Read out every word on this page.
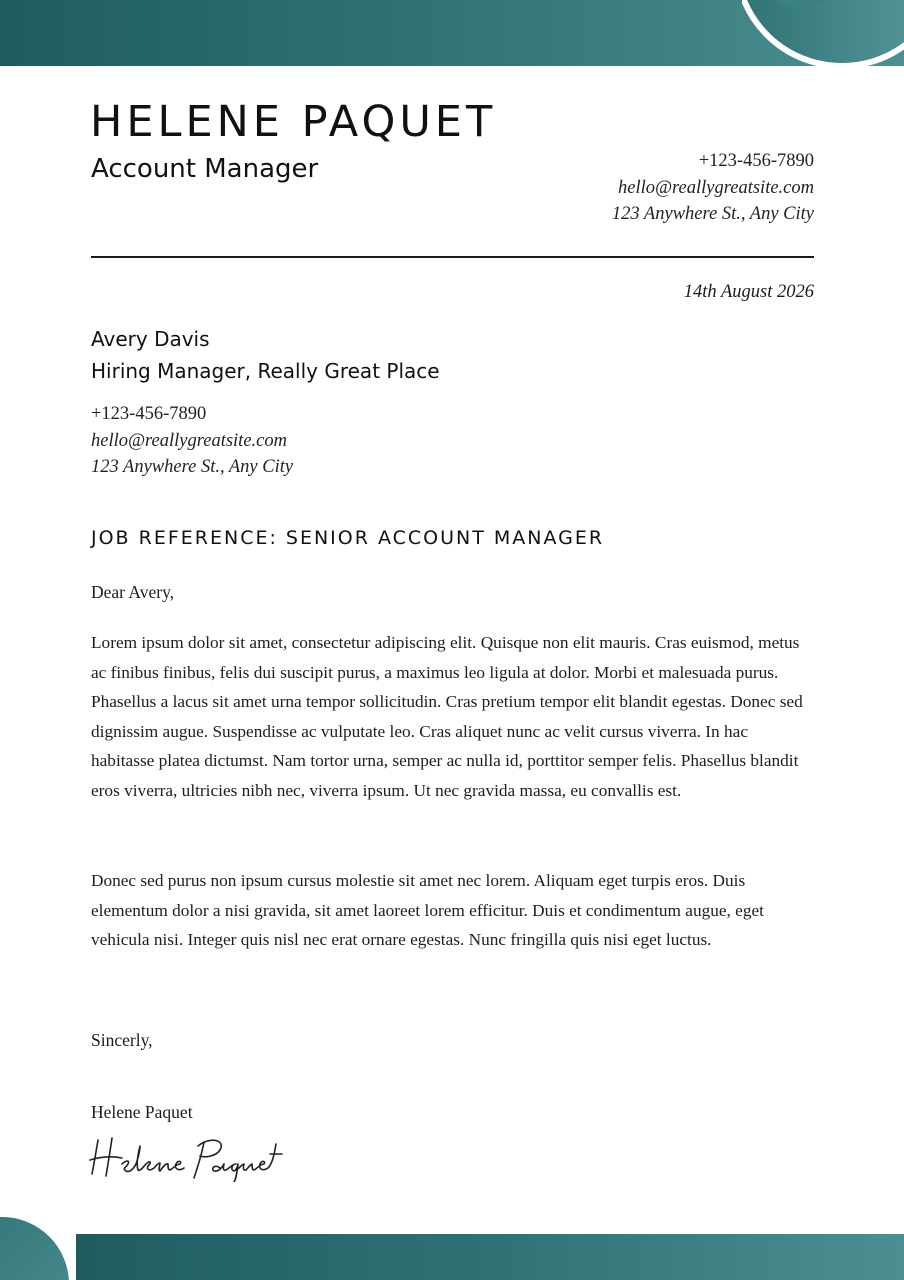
HELENE PAQUET
Account Manager	+123-456-7890
hello@reallygreatsite.com
123 Anywhere St., Any City
14th August 2026
Avery Davis
Hiring Manager, Really Great Place
+123-456-7890
hello@reallygreatsite.com
123 Anywhere St., Any City
JOB REFERENCE: SENIOR ACCOUNT MANAGER
Dear Avery,

Lorem ipsum dolor sit amet, consectetur adipiscing elit. Quisque non elit mauris. Cras euismod, metus ac finibus finibus, felis dui suscipit purus, a maximus leo ligula at dolor. Morbi et malesuada purus. Phasellus a lacus sit amet urna tempor sollicitudin. Cras pretium tempor elit blandit egestas. Donec sed dignissim augue. Suspendisse ac vulputate leo. Cras aliquet nunc ac velit cursus viverra. In hac habitasse platea dictumst. Nam tortor urna, semper ac nulla id, porttitor semper felis. Phasellus blandit eros viverra, ultricies nibh nec, viverra ipsum. Ut nec gravida massa, eu convallis est.

Donec sed purus non ipsum cursus molestie sit amet nec lorem. Aliquam eget turpis eros. Duis elementum dolor a nisi gravida, sit amet laoreet lorem efficitur. Duis et condimentum augue, eget vehicula nisi. Integer quis nisl nec erat ornare egestas. Nunc fringilla quis nisi eget luctus.

Sincerly,
Helene Paquet
